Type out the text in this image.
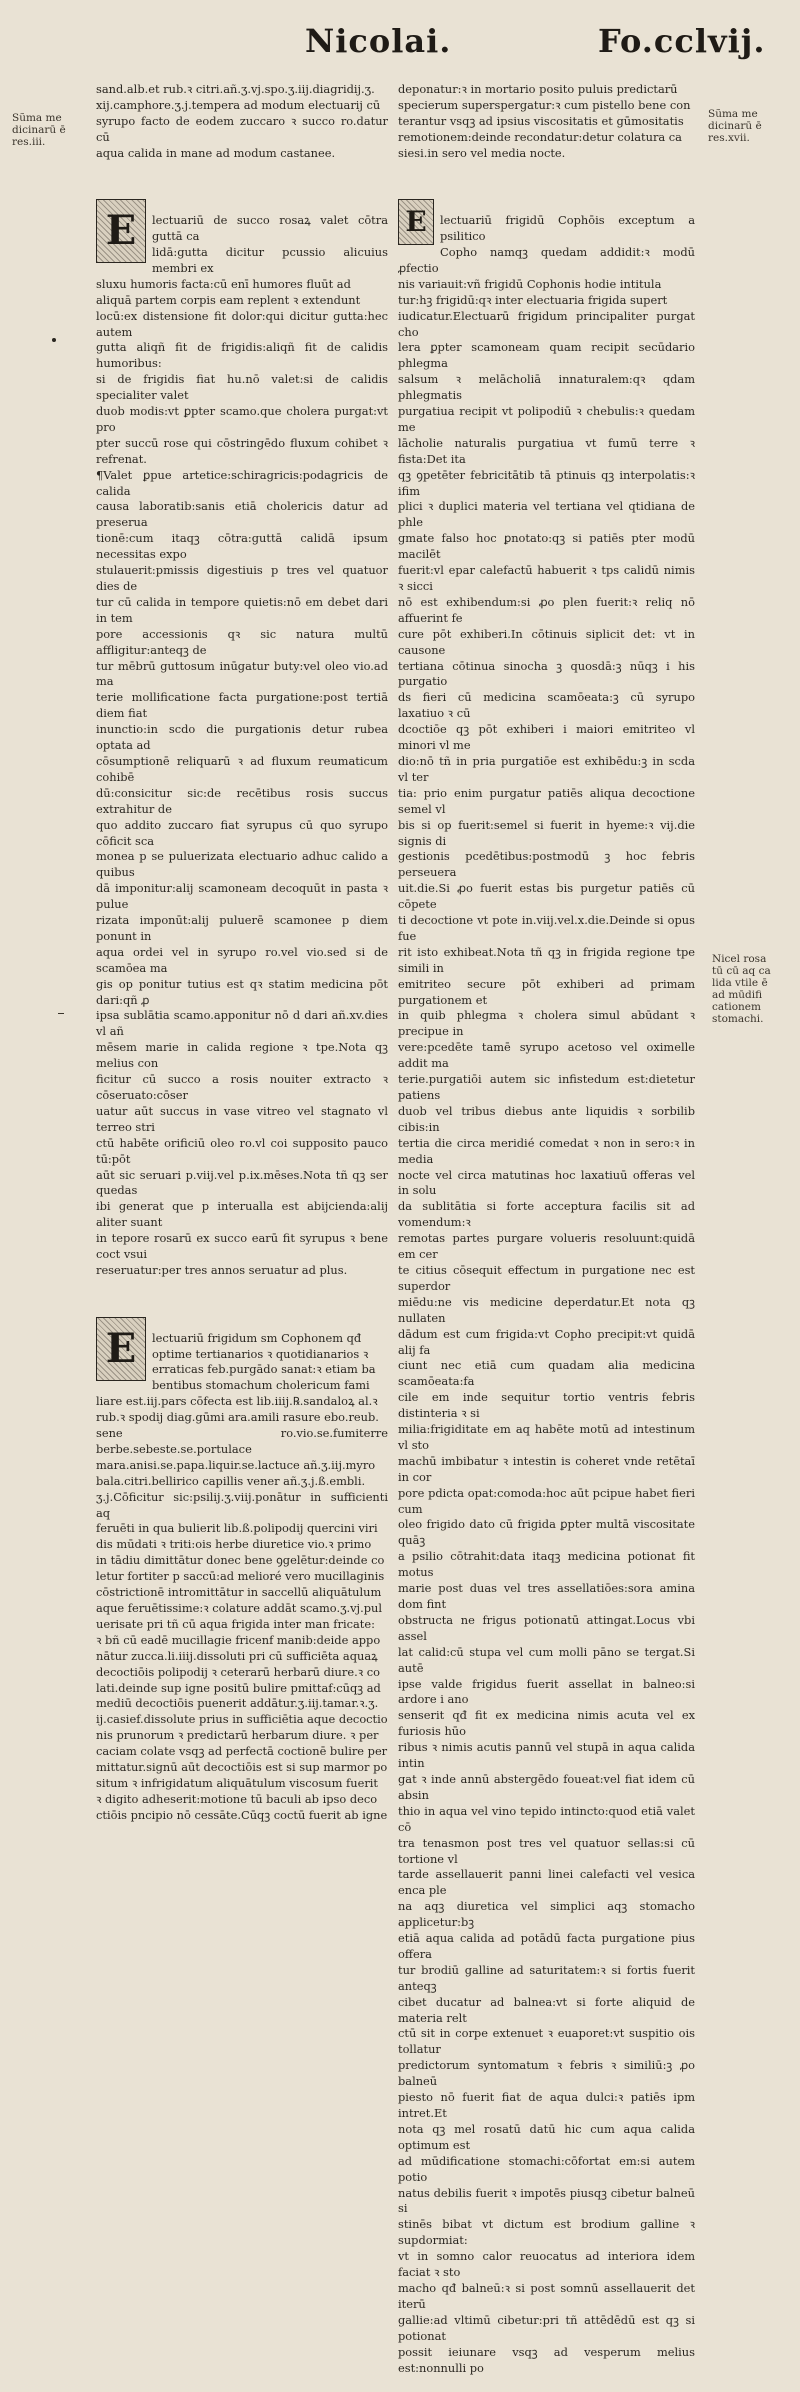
Nicolai.	Fo.cclvij.
Sũma me
dicinarū ē
res.iii.
Sũma me
dicinarū ē
res.xvii.
Nicel rosa
tū cū aq ca
lida vtile ē
ad mūdifi
cationem
stomachi.

sand.alb.et rub.ꝛ citri.añ.ʒ.vj.spo.ʒ.iij.diagridij.ʒ.
xij.camphore.ʒ.j.tempera ad modum electuarij cū
syrupo facto de eodem zuccaro ꝛ succo ro.datur cū
aqua calida in mane ad modum castanee.

E	lectuariū de succo rosaꝝ valet cōtra guttā ca
lidā:gutta dicitur pcussio alicuius membri ex
sluxu humoris facta:cū enī humores fluūt ad
aliquā partem corpis eam replent ꝛ extendunt
locū:ex distensione fit dolor:qui dicitur gutta:hec autem
gutta aliqñ fit de frigidis:aliqñ fit de calidis humoribus:
si de frigidis fiat hu.nō valet:si de calidis specialiter valet
duob modis:vt ꝑpter scamo.que cholera purgat:vt pro
pter succū rose qui cōstringēdo fluxum cohibet ꝛ refrenat.
¶Valet ꝑpue artetice:schiragricis:podagricis de calida
causa laboratib:sanis etiā cholericis datur ad preserua
tionē:cum itaqꝫ cōtra:guttā calidā ipsum necessitas expo
stulauerit:pmissis digestiuis p tres vel quatuor dies de
tur cū calida in tempore quietis:nō em debet dari in tem
pore accessionis qꝛ sic natura multū affligitur:anteqꝫ de
tur mēbrū guttosum inūgatur buty:vel oleo vio.ad ma
terie mollificatione facta purgatione:post tertiā diem fiat
inunctio:in scdo die purgationis detur rubea optata ad
cōsumptionē reliquarū ꝛ ad fluxum reumaticum cohibē
dū:consicitur sic:de recētibus rosis succus extrahitur de
quo addito zuccaro fiat syrupus cū quo syrupo cōficit sca
monea p se puluerizata electuario adhuc calido a quibus
dā imponitur:alij scamoneam decoquūt in pasta ꝛ pulue
rizata imponūt:alij puluerē scamonee p diem ponunt in
aqua ordei vel in syrupo ro.vel vio.sed si de scamōea ma
gis op ponitur tutius est qꝛ statim medicina pōt dari:qñ ꝓ
ipsa sublātia scamo.apponitur nō d dari añ.xv.dies vl añ
mēsem marie in calida regione ꝛ tpe.Nota qꝫ melius con
ficitur cū succo a rosis nouiter extracto ꝛ cōseruato:cōser
uatur aūt succus in vase vitreo vel stagnato vl terreo stri
ctū habēte orificiū oleo ro.vl coi supposito pauco tū:pōt
aūt sic seruari p.viij.vel p.ix.mēses.Nota tñ qꝫ ser quedas
ibi generat que p interualla est abijcienda:alij aliter suant
in tepore rosarū ex succo earū fit syrupus ꝛ bene coct vsui
reseruatur:per tres annos seruatur ad plus.

E	lectuariū frigidum sm Cophonem qđ
optime tertianarios ꝛ quotidianarios ꝛ
erraticas feb.purgādo sanat:ꝛ etiam ba
bentibus stomachum cholericum fami
liare est.iij.pars cōfecta est lib.iiij.℞.sandaloꝝ al.ꝛ
rub.ꝛ spodij diag.gūmi ara.amili rasure ebo.reub.
sene ro.vio.se.fumiterre berbe.sebeste.se.portulace
mara.anisi.se.papa.liquir.se.lactuce añ.ʒ.iij.myro
bala.citri.bellirico capillis vener añ.ʒ.j.ß.embli.
ʒ.j.Cōficitur sic:psilij.ʒ.viij.ponātur in sufficienti aq
feruēti in qua bulierit lib.ß.polipodij quercini viri
dis mūdati ꝛ triti:ois herbe diuretice vio.ꝛ primo
in tādiu dimittātur donec bene ꝯgelētur:deinde co
letur fortiter p saccū:ad melioré vero mucillaginis
cōstrictionē intromittātur in saccellū aliquātulum
aque feruētissime:ꝛ colature addāt scamo.ʒ.vj.pul
uerisate pri tñ cū aqua frigida inter man fricate:
ꝛ bñ cū eadē mucillagie fricenf manib:deide appo
nātur zucca.li.iiij.dissoluti pri cū sufficiēta aquaꝝ
decoctiōis polipodij ꝛ ceterarū herbarū diure.ꝛ co
lati.deinde sup igne positū bulire pmittaf:cūqꝫ ad
mediū decoctiōis puenerit addātur.ʒ.iij.tamar.ꝛ.ʒ.
ij.casief.dissolute prius in sufficiētia aque decoctio
nis prunorum ꝛ predictarū herbarum diure. ꝛ per
caciam colate vsqꝫ ad perfectā coctionē bulire per
mittatur.signū aūt decoctiōis est si sup marmor po
situm ꝛ infrigidatum aliquātulum viscosum fuerit
ꝛ digito adheserit:motione tū baculi ab ipso deco
ctiōis pncipio nō cessāte.Cūqꝫ coctū fuerit ab igne

deponatur:ꝛ in mortario posito puluis predictarū
specierum superspergatur:ꝛ cum pistello bene con
terantur vsqꝫ ad ipsius viscositatis et gūmositatis
remotionem:deinde recondatur:detur colatura ca
siesi.in sero vel media nocte.

E	lectuariū frigidū Cophōis exceptum a psilitico
Copho namqꝫ quedam addidit:ꝛ modū ꝓfectio
nis variauit:vñ frigidū Cophonis hodie intitula
tur:hꝫ frigidū:qꝛ inter electuaria frigida supert
iudicatur.Electuarū frigidum principaliter purgat cho
lera ꝑpter scamoneam quam recipit secūdario phlegma
salsum ꝛ melācholiā innaturalem:qꝛ qdam phlegmatis
purgatiua recipit vt polipodiū ꝛ chebulis:ꝛ quedam me
lācholie naturalis purgatiua vt fumū terre ꝛ fista:Det ita
qꝫ ꝯpetēter febricitātib tā ptinuis qꝫ interpolatis:ꝛ ifim
plici ꝛ duplici materia vel tertiana vel qtidiana de phle
gmate falso hoc ꝑnotato:qꝫ si patiēs pter modū macilēt
fuerit:vl epar calefactū habuerit ꝛ tps calidū nimis ꝛ sicci
nō est exhibendum:si ꝓo plen fuerit:ꝛ reliq nō affuerint fe
cure pōt exhiberi.In cōtinuis siplicit det: vt in causone
tertiana cōtinua sinocha ꝫ quosdā:ꝫ nūqꝫ i his purgatio
ds fieri cū medicina scamōeata:ꝫ cū syrupo laxatiuo ꝛ cū
dcoctiōe qꝫ pōt exhiberi i maiori emitriteo vl minori vl me
dio:nō tñ in pria purgatiōe est exhibēdu:ꝫ in scda vl ter
tia: prio enim purgatur patiēs aliqua decoctione semel vl
bis si op fuerit:semel si fuerit in hyeme:ꝛ vij.die signis di
gestionis pcedētibus:postmodū ꝫ hoc febris perseuera
uit.die.Si ꝓo fuerit estas bis purgetur patiēs cū cōpete
ti decoctione vt pote in.viij.vel.x.die.Deinde si opus fue
rit isto exhibeat.Nota tñ qꝫ in frigida regione tpe simili in
emitriteo secure pōt exhiberi ad primam purgationem et
in quib phlegma ꝛ cholera simul abūdant ꝛ precipue in
vere:pcedēte tamē syrupo acetoso vel oximelle addit ma
terie.purgatiōi autem sic infistedum est:dietetur patiens
duob vel tribus diebus ante liquidis ꝛ sorbilib cibis:in
tertia die circa meridié comedat ꝛ non in sero:ꝛ in media
nocte vel circa matutinas hoc laxatiuū offeras vel in solu
da sublitātia si forte acceptura facilis sit ad vomendum:ꝛ
remotas partes purgare volueris resoluunt:quidā em cer
te citius cōsequit effectum in purgatione nec est superdor
miēdu:ne vis medicine deperdatur.Et nota qꝫ nullaten
dādum est cum frigida:vt Copho precipit:vt quidā alij fa
ciunt nec etiā cum quadam alia medicina scamōeata:fa
cile em inde sequitur tortio ventris febris distinteria ꝛ si
milia:frigiditate em aq habēte motū ad intestinum vl sto
machū imbibatur ꝛ intestin is coheret vnde retētaī in cor
pore pdicta opat:comoda:hoc aūt pcipue habet fieri cum
oleo frigido dato cū frigida ꝑpter multā viscositate quāꝫ
a psilio cōtrahit:data itaqꝫ medicina potionat fit motus
marie post duas vel tres assellatiōes:sora amina dom fint
obstructa ne frigus potionatū attingat.Locus vbi assel
lat calid:cū stupa vel cum molli pāno se tergat.Si autē
ipse valde frigidus fuerit assellat in balneo:si ardore i ano
senserit qđ fit ex medicina nimis acuta vel ex furiosis hūo
ribus ꝛ nimis acutis pannū vel stupā in aqua calida intin
gat ꝛ inde annū abstergēdo foueat:vel fiat idem cū absin
thio in aqua vel vino tepido intincto:quod etiā valet cō
tra tenasmon post tres vel quatuor sellas:si cū tortione vl
tarde assellauerit panni linei calefacti vel vesica enca ple
na aqꝫ diuretica vel simplici aqꝫ stomacho applicetur:bꝫ
etiā aqua calida ad potādū facta purgatione pius offera
tur brodiū galline ad saturitatem:ꝛ si fortis fuerit anteqꝫ
cibet ducatur ad balnea:vt si forte aliquid de materia relt
ctū sit in corpe extenuet ꝛ euaporet:vt suspitio ois tollatur
predictorum syntomatum ꝛ febris ꝛ similiū:ꝫ ꝓo balneū
piesto nō fuerit fiat de aqua dulci:ꝛ patiēs ipm intret.Et
nota qꝫ mel rosatū datū hic cum aqua calida optimum est
ad mūdificatione stomachi:cōfortat em:si autem potio
natus debilis fuerit ꝛ impotēs piusqꝫ cibetur balneū si
stinēs bibat vt dictum est brodium galline ꝛ supdormiat:
vt in somno calor reuocatus ad interiora idem faciat ꝛ sto
macho qđ balneū:ꝛ si post somnū assellauerit det iterū
gallie:ad vltimū cibetur:pri tñ attēdēdū est qꝫ si potionat
possit ieiunare vsqꝫ ad vesperum melius est:nonnulli po
